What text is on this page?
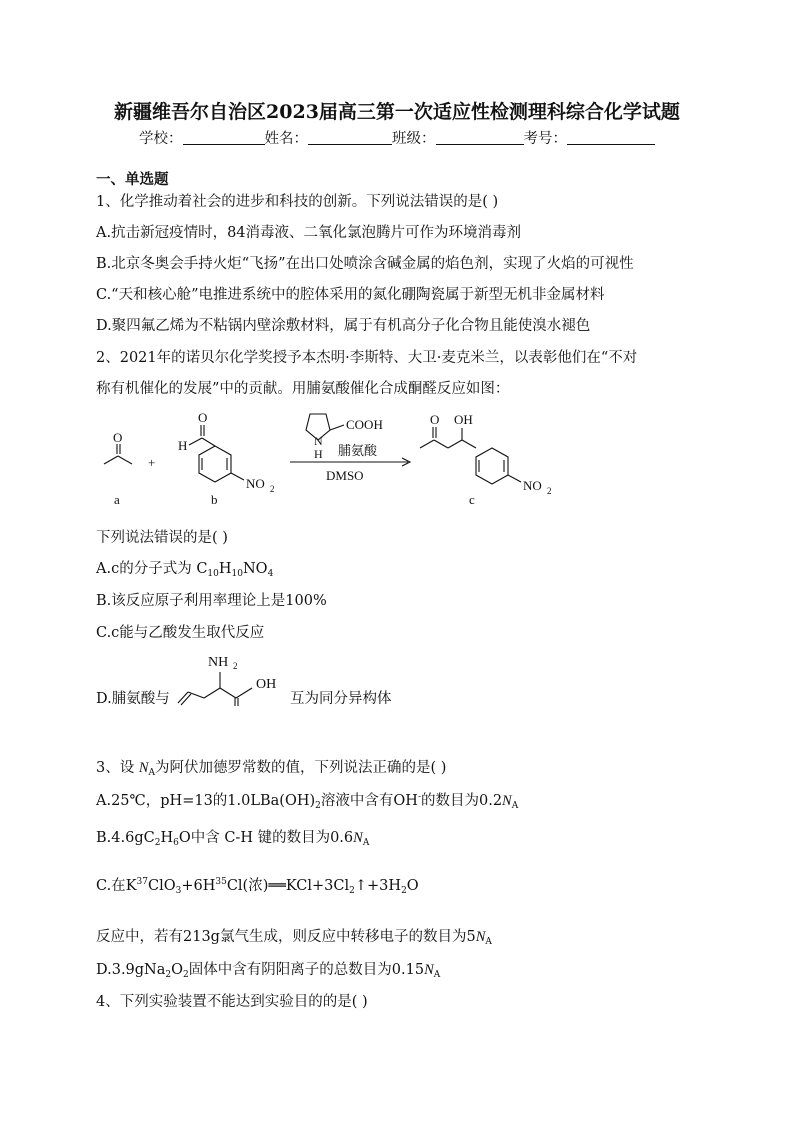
新疆维吾尔自治区2023届高三第一次适应性检测理科综合化学试题
学校：	姓名：	班级：	考号：
一、单选题
1、化学推动着社会的进步和科技的创新。下列说法错误的是( )
A.抗击新冠疫情时，84消毒液、二氧化氯泡腾片可作为环境消毒剂
B.北京冬奥会手持火炬“飞扬”在出口处喷涂含碱金属的焰色剂，实现了火焰的可视性
C.“天和核心舱”电推进系统中的腔体采用的氮化硼陶瓷属于新型无机非金属材料
D.聚四氟乙烯为不粘锅内壁涂敷材料，属于有机高分子化合物且能使溴水褪色
2、2021年的诺贝尔化学奖授予本杰明·李斯特、大卫·麦克米兰，以表彰他们在“不对
称有机催化的发展”中的贡献。用脯氨酸催化合成酮醛反应如图：
O
a
+
O
H
NO 2
b
COOH
N
H 脯氨酸
DMSO
O OH
NO 2
c
下列说法错误的是( )
A.c的分子式为 $C_{10}H_{10}NO_4$
B.该反应原子利用率理论上是100%
C.c能与乙酸发生取代反应
D.脯氨酸与
NH 2
OH
互为同分异构体
3、设 $N_A$为阿伏加德罗常数的值，下列说法正确的是( )
A.25℃，pH=13的$1.0LBa(OH)_2$溶液中含有OH-的数目为$0.2N_A$
$B.4.6gC_2H_6O$中含 C-H 键的数目为$0.6N_A$
C.在$K^{37}ClO_3+6H^{35}Cl$(浓)$══KCl+3Cl_2↑+3H_2O$
反应中，若有213g氯气生成，则反应中转移电子的数目为$5N_A$
$D.3.9gNa_2O_2$固体中含有阴阳离子的总数目为$0.15N_A$
4、下列实验装置不能达到实验目的的是( )
